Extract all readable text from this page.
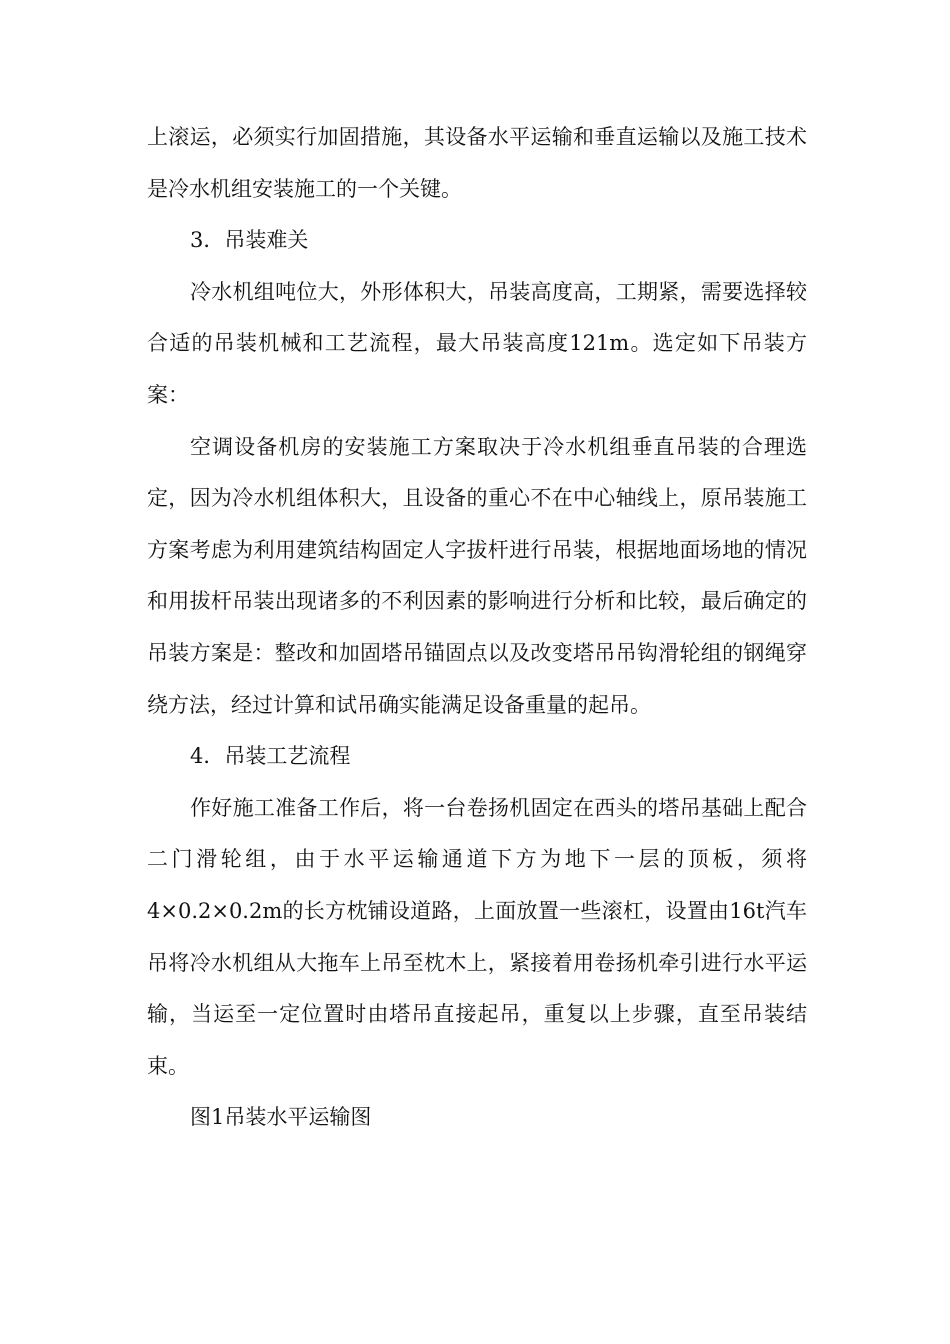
上滚运，必须实行加固措施，其设备水平运输和垂直运输以及施工技术是冷水机组安装施工的一个关键。

3．吊装难关

冷水机组吨位大，外形体积大，吊装高度高，工期紧，需要选择较合适的吊装机械和工艺流程，最大吊装高度121m。选定如下吊装方案：

空调设备机房的安装施工方案取决于冷水机组垂直吊装的合理选定，因为冷水机组体积大，且设备的重心不在中心轴线上，原吊装施工方案考虑为利用建筑结构固定人字拔杆进行吊装，根据地面场地的情况和用拔杆吊装出现诸多的不利因素的影响进行分析和比较，最后确定的吊装方案是：整改和加固塔吊锚固点以及改变塔吊吊钩滑轮组的钢绳穿绕方法，经过计算和试吊确实能满足设备重量的起吊。

4．吊装工艺流程

作好施工准备工作后，将一台卷扬机固定在西头的塔吊基础上配合二门滑轮组，由于水平运输通道下方为地下一层的顶板，须将4×0.2×0.2m的长方枕铺设道路，上面放置一些滚杠，设置由16t汽车吊将冷水机组从大拖车上吊至枕木上，紧接着用卷扬机牵引进行水平运输，当运至一定位置时由塔吊直接起吊，重复以上步骤，直至吊装结束。

图1吊装水平运输图
